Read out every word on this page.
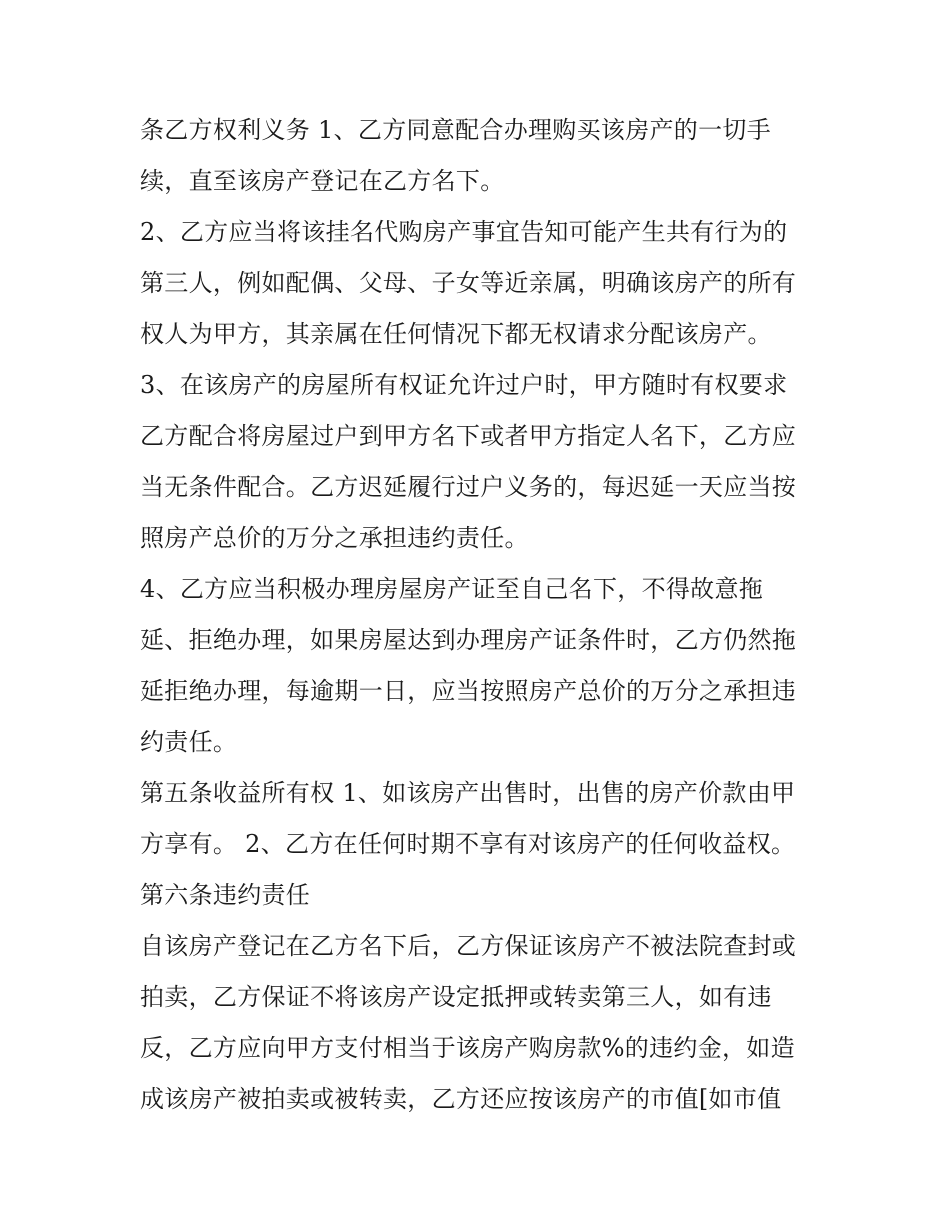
条乙方权利义务 1、乙方同意配合办理购买该房产的一切手
续，直至该房产登记在乙方名下。
2、乙方应当将该挂名代购房产事宜告知可能产生共有行为的
第三人，例如配偶、父母、子女等近亲属，明确该房产的所有
权人为甲方，其亲属在任何情况下都无权请求分配该房产。
3、在该房产的房屋所有权证允许过户时，甲方随时有权要求
乙方配合将房屋过户到甲方名下或者甲方指定人名下，乙方应
当无条件配合。乙方迟延履行过户义务的，每迟延一天应当按
照房产总价的万分之承担违约责任。
4、乙方应当积极办理房屋房产证至自己名下，不得故意拖
延、拒绝办理，如果房屋达到办理房产证条件时，乙方仍然拖
延拒绝办理，每逾期一日，应当按照房产总价的万分之承担违
约责任。
第五条收益所有权 1、如该房产出售时，出售的房产价款由甲
方享有。 2、乙方在任何时期不享有对该房产的任何收益权。
第六条违约责任
自该房产登记在乙方名下后，乙方保证该房产不被法院查封或
拍卖，乙方保证不将该房产设定抵押或转卖第三人，如有违
反，乙方应向甲方支付相当于该房产购房款%的违约金，如造
成该房产被拍卖或被转卖，乙方还应按该房产的市值[如市值
